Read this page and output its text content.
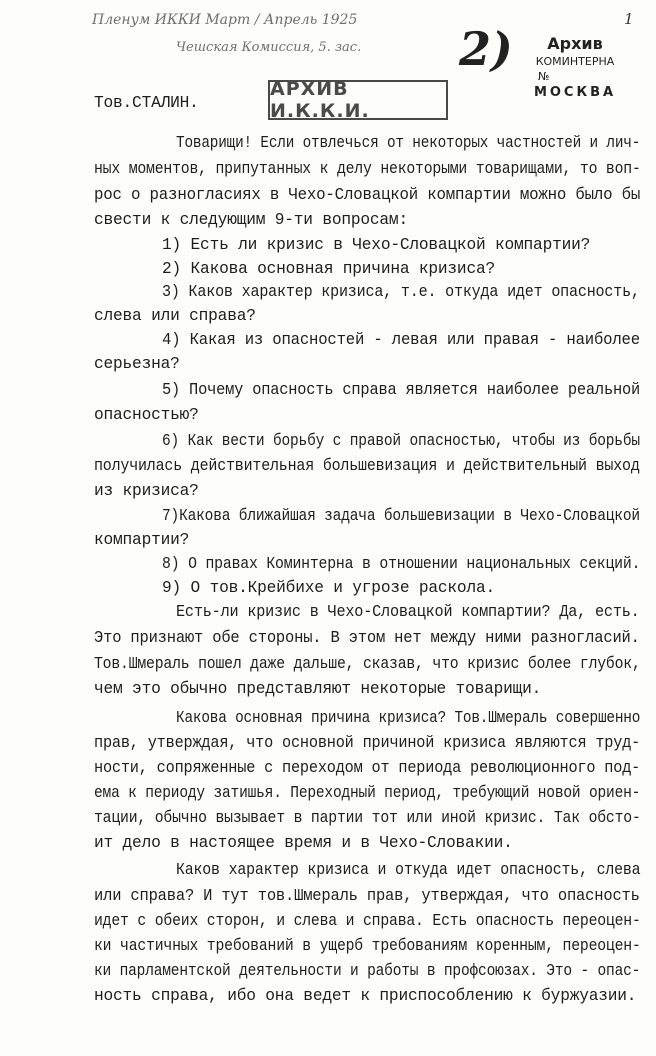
Пленум ИККИ Март / Апрель 1925
Чешская Комиссия, 5. зас.
1
2)	Архив
КОМИНТЕРНА
№
МОСКВА
АРХИВ И.К.К.И.
Тов.СТАЛИН.
Товарищи! Если отвлечься от некоторых частностей и лич-
ных моментов, припутанных к делу некоторыми товарищами, то воп-
рос о разногласиях в Чехо-Словацкой компартии можно было бы
свести к следующим 9-ти вопросам:
1) Есть ли кризис в Чехо-Словацкой компартии?
2) Какова основная причина кризиса?
3) Каков характер кризиса, т.е. откуда идет опасность,
слева или справа?
4) Какая из опасностей - левая или правая - наиболее
серьезна?
5) Почему опасность справа является наиболее реальной
опасностью?
6) Как вести борьбу с правой опасностью, чтобы из борьбы
получилась действительная большевизация и действительный выход
из кризиса?
7)Какова ближайшая задача большевизации в Чехо-Словацкой
компартии?
8) О правах Коминтерна в отношении национальных секций.
9) О тов.Крейбихе и угрозе раскола.
Есть-ли кризис в Чехо-Словацкой компартии? Да, есть.
Это признают обе стороны. В этом нет между ними разногласий.
Тов.Шмераль пошел даже дальше, сказав, что кризис более глубок,
чем это обычно представляют некоторые товарищи.
Какова основная причина кризиса? Тов.Шмераль совершенно
прав, утверждая, что основной причиной кризиса являются труд-
ности, сопряженные с переходом от периода революционного под-
ема к периоду затишья. Переходный период, требующий новой ориен-
тации, обычно вызывает в партии тот или иной кризис. Так обсто-
ит дело в настоящее время и в Чехо-Словакии.
Каков характер кризиса и откуда идет опасность, слева
или справа? И тут тов.Шмераль прав, утверждая, что опасность
идет с обеих сторон, и слева и справа. Есть опасность переоцен-
ки частичных требований в ущерб требованиям коренным, переоцен-
ки парламентской деятельности и работы в профсоюзах. Это - опас-
ность справа, ибо она ведет к приспособлению к буржуазии.
